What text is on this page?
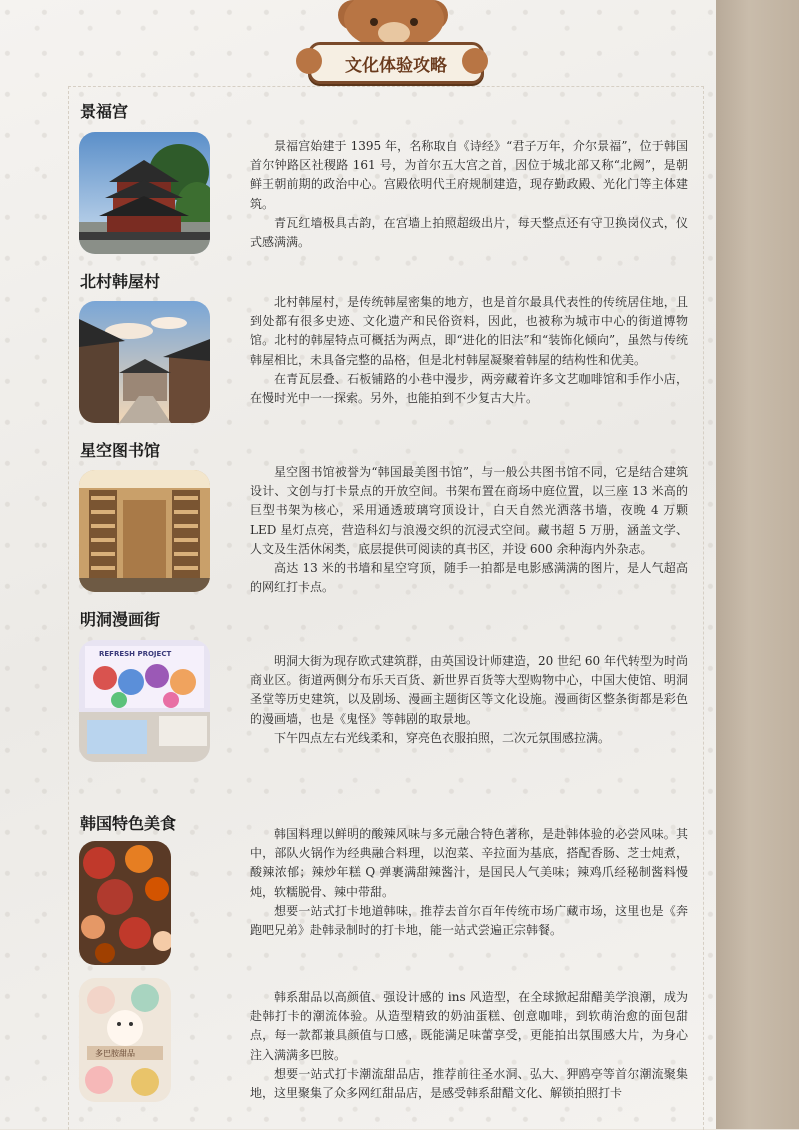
文化体验攻略
景福宫

景福宫始建于 1395 年，名称取自《诗经》“君子万年，介尔景福”，位于韩国首尔钟路区社稷路 161 号，为首尔五大宫之首，因位于城北部又称“北阙”，是朝鲜王朝前期的政治中心。宫殿依明代王府规制建造，现存勤政殿、光化门等主体建筑。

青瓦红墙极具古韵，在宫墙上拍照超级出片，每天整点还有守卫换岗仪式，仪式感满满。

北村韩屋村

北村韩屋村，是传统韩屋密集的地方，也是首尔最具代表性的传统居住地，且到处都有很多史迹、文化遗产和民俗资料，因此，也被称为城市中心的街道博物馆。北村的韩屋特点可概括为两点，即“进化的旧法”和“装饰化倾向”，虽然与传统韩屋相比，未具备完整的品格，但是北村韩屋凝聚着韩屋的结构性和优美。

在青瓦层叠、石板铺路的小巷中漫步，两旁藏着许多文艺咖啡馆和手作小店，在慢时光中一一探索。另外，也能拍到不少复古大片。

星空图书馆

星空图书馆被誉为“韩国最美图书馆”，与一般公共图书馆不同，它是结合建筑设计、文创与打卡景点的开放空间。书架布置在商场中庭位置，以三座 13 米高的巨型书架为核心，采用通透玻璃穹顶设计，白天自然光洒落书墙，夜晚 4 万颗 LED 星灯点亮，营造科幻与浪漫交织的沉浸式空间。藏书超 5 万册，涵盖文学、人文及生活休闲类，底层提供可阅读的真书区，并设 600 余种海内外杂志。

高达 13 米的书墙和星空穹顶，随手一拍都是电影感满满的图片，是人气超高的网红打卡点。

明洞漫画街
REFRESH PROJECT	明洞大街为现存欧式建筑群，由英国设计师建造，20 世纪 60 年代转型为时尚商业区。街道两侧分布乐天百货、新世界百货等大型购物中心，中国大使馆、明洞圣堂等历史建筑，以及剧场、漫画主题街区等文化设施。漫画街区整条街都是彩色的漫画墙，也是《鬼怪》等韩剧的取景地。

下午四点左右光线柔和，穿亮色衣服拍照，二次元氛围感拉满。

韩国特色美食

韩国料理以鲜明的酸辣风味与多元融合特色著称，是赴韩体验的必尝风味。其中，部队火锅作为经典融合料理，以泡菜、辛拉面为基底，搭配香肠、芝士炖煮，酸辣浓郁；辣炒年糕 Q 弹裹满甜辣酱汁，是国民人气美味；辣鸡爪经秘制酱料慢炖，软糯脱骨、辣中带甜。

想要一站式打卡地道韩味，推荐去首尔百年传统市场广藏市场，这里也是《奔跑吧兄弟》赴韩录制时的打卡地，能一站式尝遍正宗韩餐。

多巴胺甜品

韩系甜品以高颜值、强设计感的 ins 风造型，在全球掀起甜醋美学浪潮，成为赴韩打卡的潮流体验。从造型精致的奶油蛋糕、创意咖啡，到软萌治愈的面包甜点，每一款都兼具颜值与口感，既能满足味蕾享受，更能拍出氛围感大片，为身心注入满满多巴胺。

想要一站式打卡潮流甜品店，推荐前往圣水洞、弘大、狎鸥亭等首尔潮流聚集地，这里聚集了众多网红甜品店，是感受韩系甜醋文化、解锁拍照打卡
